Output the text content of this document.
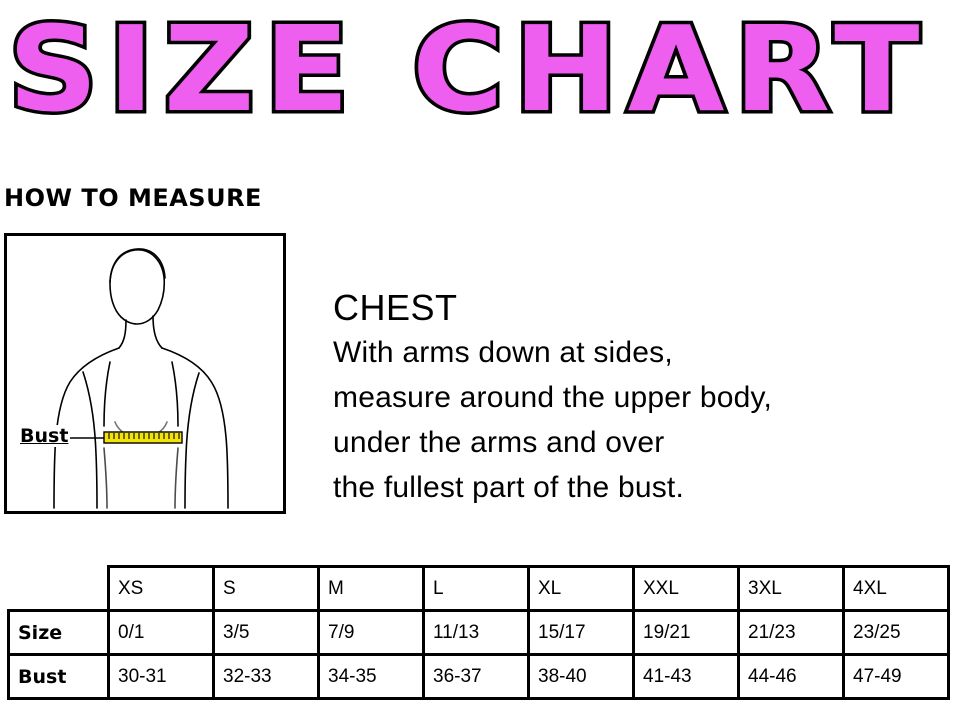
SIZE CHART
HOW TO MEASURE
Bust
CHEST
With arms down at sides,
measure around the upper body,
under the arms and over
the fullest part of the bust.
	XS	S	M	L	XL	XXL	3XL	4XL
Size	0/1	3/5	7/9	11/13	15/17	19/21	21/23	23/25
Bust	30-31	32-33	34-35	36-37	38-40	41-43	44-46	47-49
